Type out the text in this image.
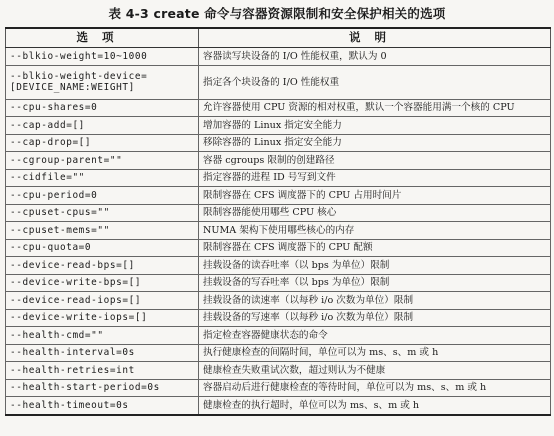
表 4-3 create 命令与容器资源限制和安全保护相关的选项
选项	说明
--blkio-weight=10~1000	容器读写块设备的 I/O 性能权重，默认为 0
--blkio-weight-device=[DEVICE_NAME:WEIGHT]	指定各个块设备的 I/O 性能权重
--cpu-shares=0	允许容器使用 CPU 资源的相对权重，默认一个容器能用满一个核的 CPU
--cap-add=[]	增加容器的 Linux 指定安全能力
--cap-drop=[]	移除容器的 Linux 指定安全能力
--cgroup-parent=""	容器 cgroups 限制的创建路径
--cidfile=""	指定容器的进程 ID 号写到文件
--cpu-period=0	限制容器在 CFS 调度器下的 CPU 占用时间片
--cpuset-cpus=""	限制容器能使用哪些 CPU 核心
--cpuset-mems=""	NUMA 架构下使用哪些核心的内存
--cpu-quota=0	限制容器在 CFS 调度器下的 CPU 配额
--device-read-bps=[]	挂载设备的读吞吐率（以 bps 为单位）限制
--device-write-bps=[]	挂载设备的写吞吐率（以 bps 为单位）限制
--device-read-iops=[]	挂载设备的读速率（以每秒 i/o 次数为单位）限制
--device-write-iops=[]	挂载设备的写速率（以每秒 i/o 次数为单位）限制
--health-cmd=""	指定检查容器健康状态的命令
--health-interval=0s	执行健康检查的间隔时间，单位可以为 ms、s、m 或 h
--health-retries=int	健康检查失败重试次数，超过则认为不健康
--health-start-period=0s	容器启动后进行健康检查的等待时间，单位可以为 ms、s、m 或 h
--health-timeout=0s	健康检查的执行超时，单位可以为 ms、s、m 或 h
